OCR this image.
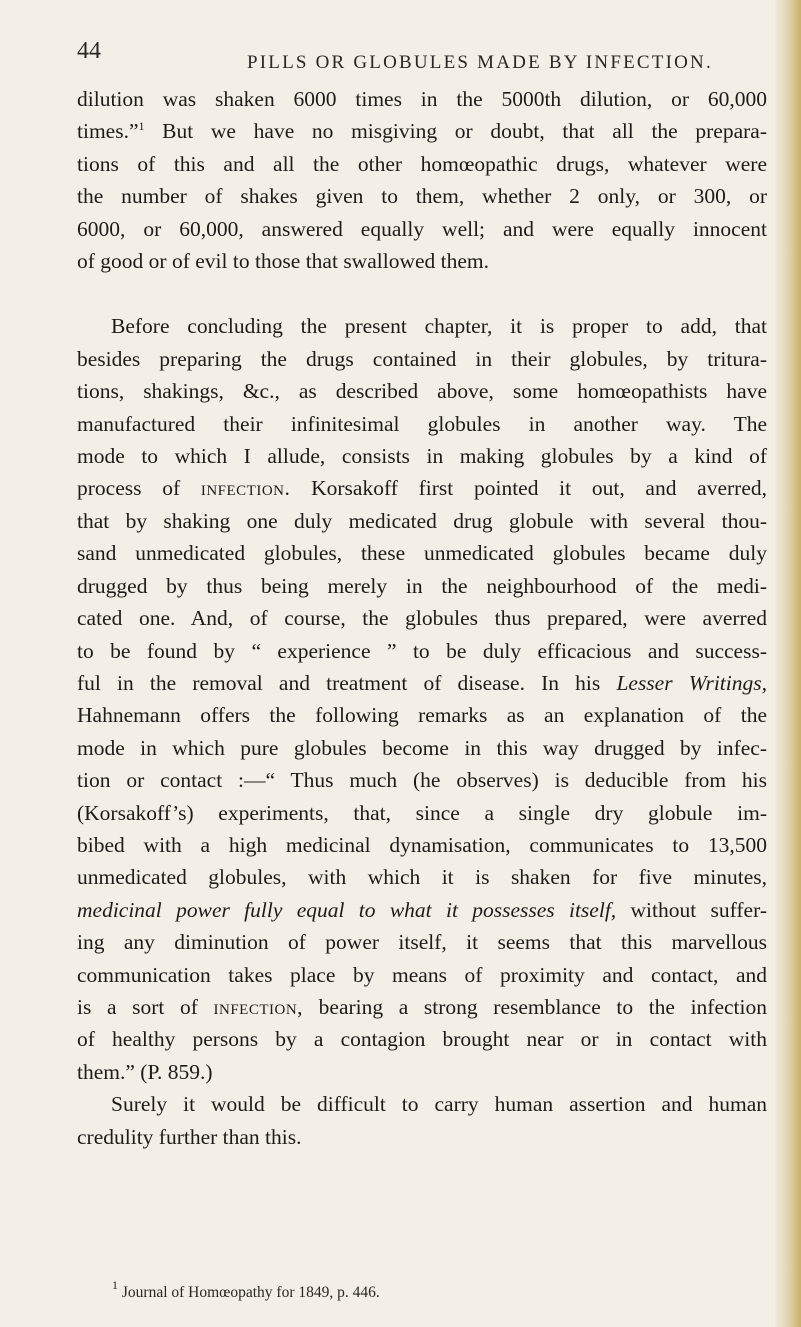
44	PILLS OR GLOBULES MADE BY INFECTION.
dilution was shaken 6000 times in the 5000th dilution, or 60,000
times.”$^1$ But we have no misgiving or doubt, that all the prepara-
tions of this and all the other homœopathic drugs, whatever were
the number of shakes given to them, whether 2 only, or 300, or
6000, or 60,000, answered equally well; and were equally innocent
of good or of evil to those that swallowed them.
Before concluding the present chapter, it is proper to add, that
besides preparing the drugs contained in their globules, by tritura-
tions, shakings, &c., as described above, some homœopathists have
manufactured their infinitesimal globules in another way. The
mode to which I allude, consists in making globules by a kind of
process of infection. Korsakoff first pointed it out, and averred,
that by shaking one duly medicated drug globule with several thou-
sand unmedicated globules, these unmedicated globules became duly
drugged by thus being merely in the neighbourhood of the medi-
cated one. And, of course, the globules thus prepared, were averred
to be found by “ experience ” to be duly efficacious and success-
ful in the removal and treatment of disease. In his Lesser Writings,
Hahnemann offers the following remarks as an explanation of the
mode in which pure globules become in this way drugged by infec-
tion or contact :—“ Thus much (he observes) is deducible from his
(Korsakoff’s) experiments, that, since a single dry globule im-
bibed with a high medicinal dynamisation, communicates to 13,500
unmedicated globules, with which it is shaken for five minutes,
medicinal power fully equal to what it possesses itself, without suffer-
ing any diminution of power itself, it seems that this marvellous
communication takes place by means of proximity and contact, and
is a sort of infection, bearing a strong resemblance to the infection
of healthy persons by a contagion brought near or in contact with
them.” (P. 859.)
Surely it would be difficult to carry human assertion and human
credulity further than this.
$^1$ Journal of Homœopathy for 1849, p. 446.
